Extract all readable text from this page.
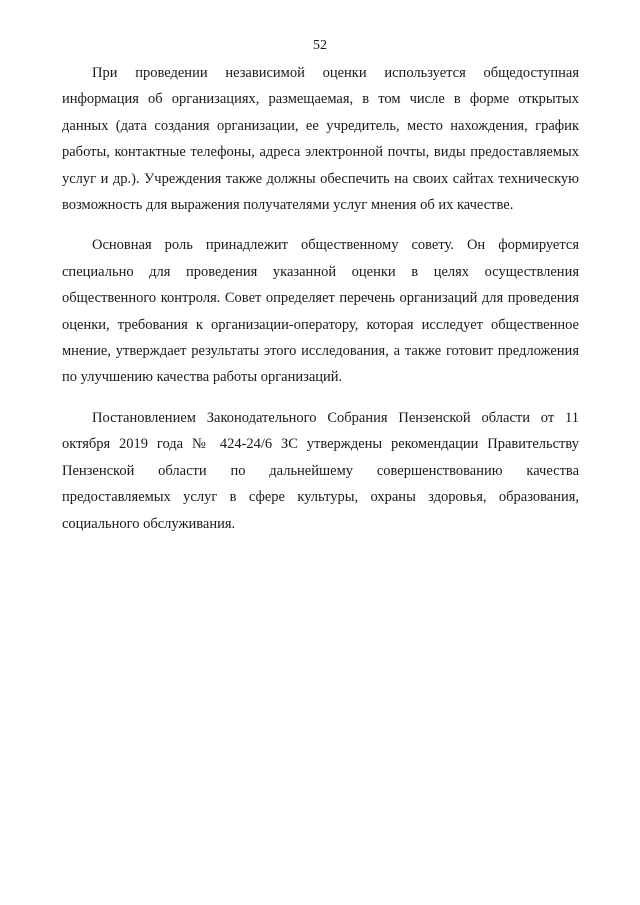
52

При проведении независимой оценки используется общедоступная информация об организациях, размещаемая, в том числе в форме открытых данных (дата создания организации, ее учредитель, место нахождения, график работы, контактные телефоны, адреса электронной почты, виды предоставляемых услуг и др.). Учреждения также должны обеспечить на своих сайтах техническую возможность для выражения получателями услуг мнения об их качестве.

Основная роль принадлежит общественному совету. Он формируется специально для проведения указанной оценки в целях осуществления общественного контроля. Совет определяет перечень организаций для проведения оценки, требования к организации-оператору, которая исследует общественное мнение, утверждает результаты этого исследования, а также готовит предложения по улучшению качества работы организаций.

Постановлением Законодательного Собрания Пензенской области от 11 октября 2019 года № 424-24/6 ЗС утверждены рекомендации Правительству Пензенской области по дальнейшему совершенствованию качества предоставляемых услуг в сфере культуры, охраны здоровья, образования, социального обслуживания.
